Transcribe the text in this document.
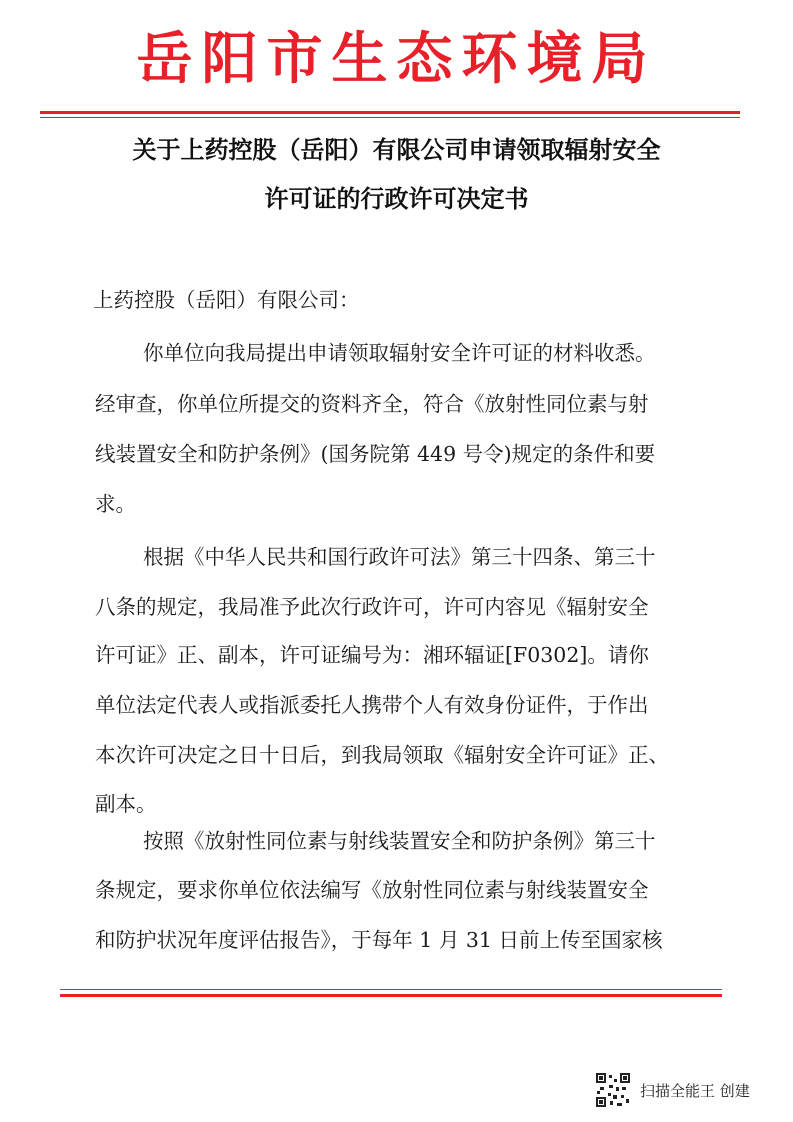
岳阳市生态环境局
关于上药控股（岳阳）有限公司申请领取辐射安全
许可证的行政许可决定书
上药控股（岳阳）有限公司：
你单位向我局提出申请领取辐射安全许可证的材料收悉。
经审查，你单位所提交的资料齐全，符合《放射性同位素与射
线装置安全和防护条例》(国务院第 449 号令)规定的条件和要
求。
根据《中华人民共和国行政许可法》第三十四条、第三十
八条的规定，我局准予此次行政许可，许可内容见《辐射安全
许可证》正、副本，许可证编号为：湘环辐证[F0302]。请你
单位法定代表人或指派委托人携带个人有效身份证件，于作出
本次许可决定之日十日后，到我局领取《辐射安全许可证》正、
副本。
按照《放射性同位素与射线装置安全和防护条例》第三十
条规定，要求你单位依法编写《放射性同位素与射线装置安全
和防护状况年度评估报告》，于每年 1 月 31 日前上传至国家核
扫描全能王 创建
